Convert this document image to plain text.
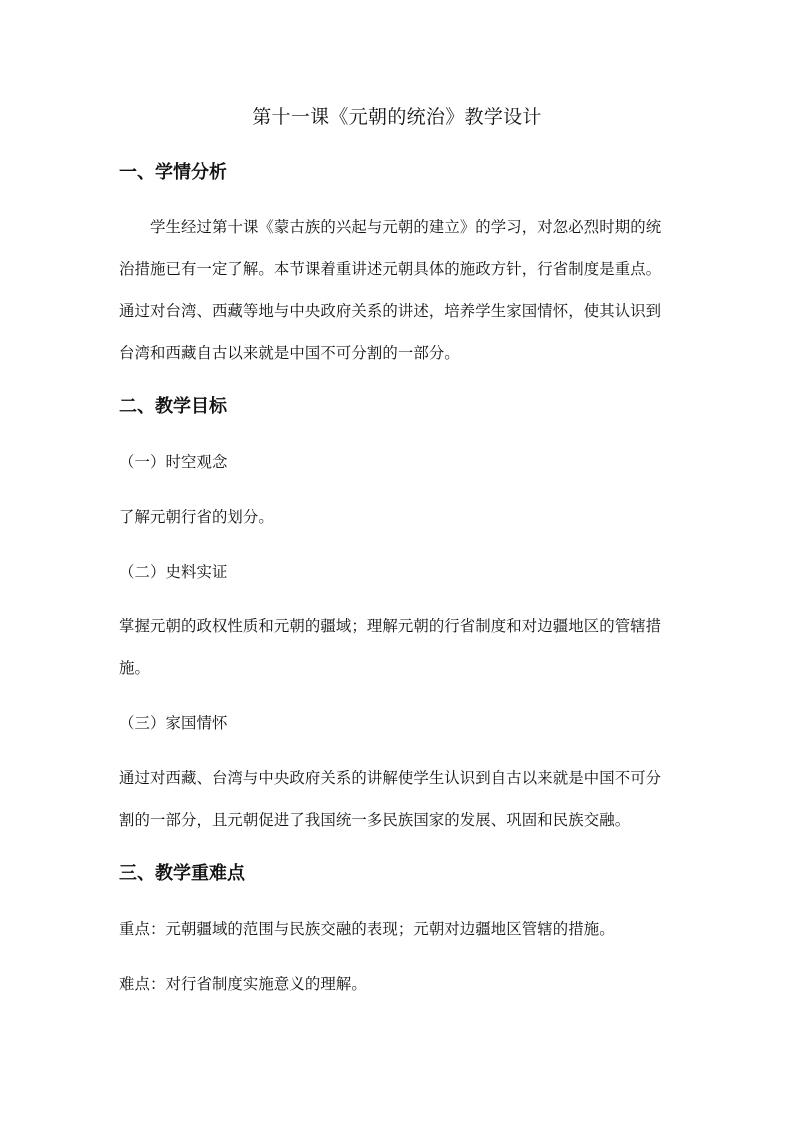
第十一课《元朝的统治》教学设计
一、学情分析
学生经过第十课《蒙古族的兴起与元朝的建立》的学习，对忽必烈时期的统
治措施已有一定了解。本节课着重讲述元朝具体的施政方针，行省制度是重点。
通过对台湾、西藏等地与中央政府关系的讲述，培养学生家国情怀，使其认识到
台湾和西藏自古以来就是中国不可分割的一部分。
二、教学目标
（一）时空观念
了解元朝行省的划分。
（二）史料实证
掌握元朝的政权性质和元朝的疆域；理解元朝的行省制度和对边疆地区的管辖措
施。
（三）家国情怀
通过对西藏、台湾与中央政府关系的讲解使学生认识到自古以来就是中国不可分
割的一部分，且元朝促进了我国统一多民族国家的发展、巩固和民族交融。
三、教学重难点
重点：元朝疆域的范围与民族交融的表现；元朝对边疆地区管辖的措施。
难点：对行省制度实施意义的理解。
